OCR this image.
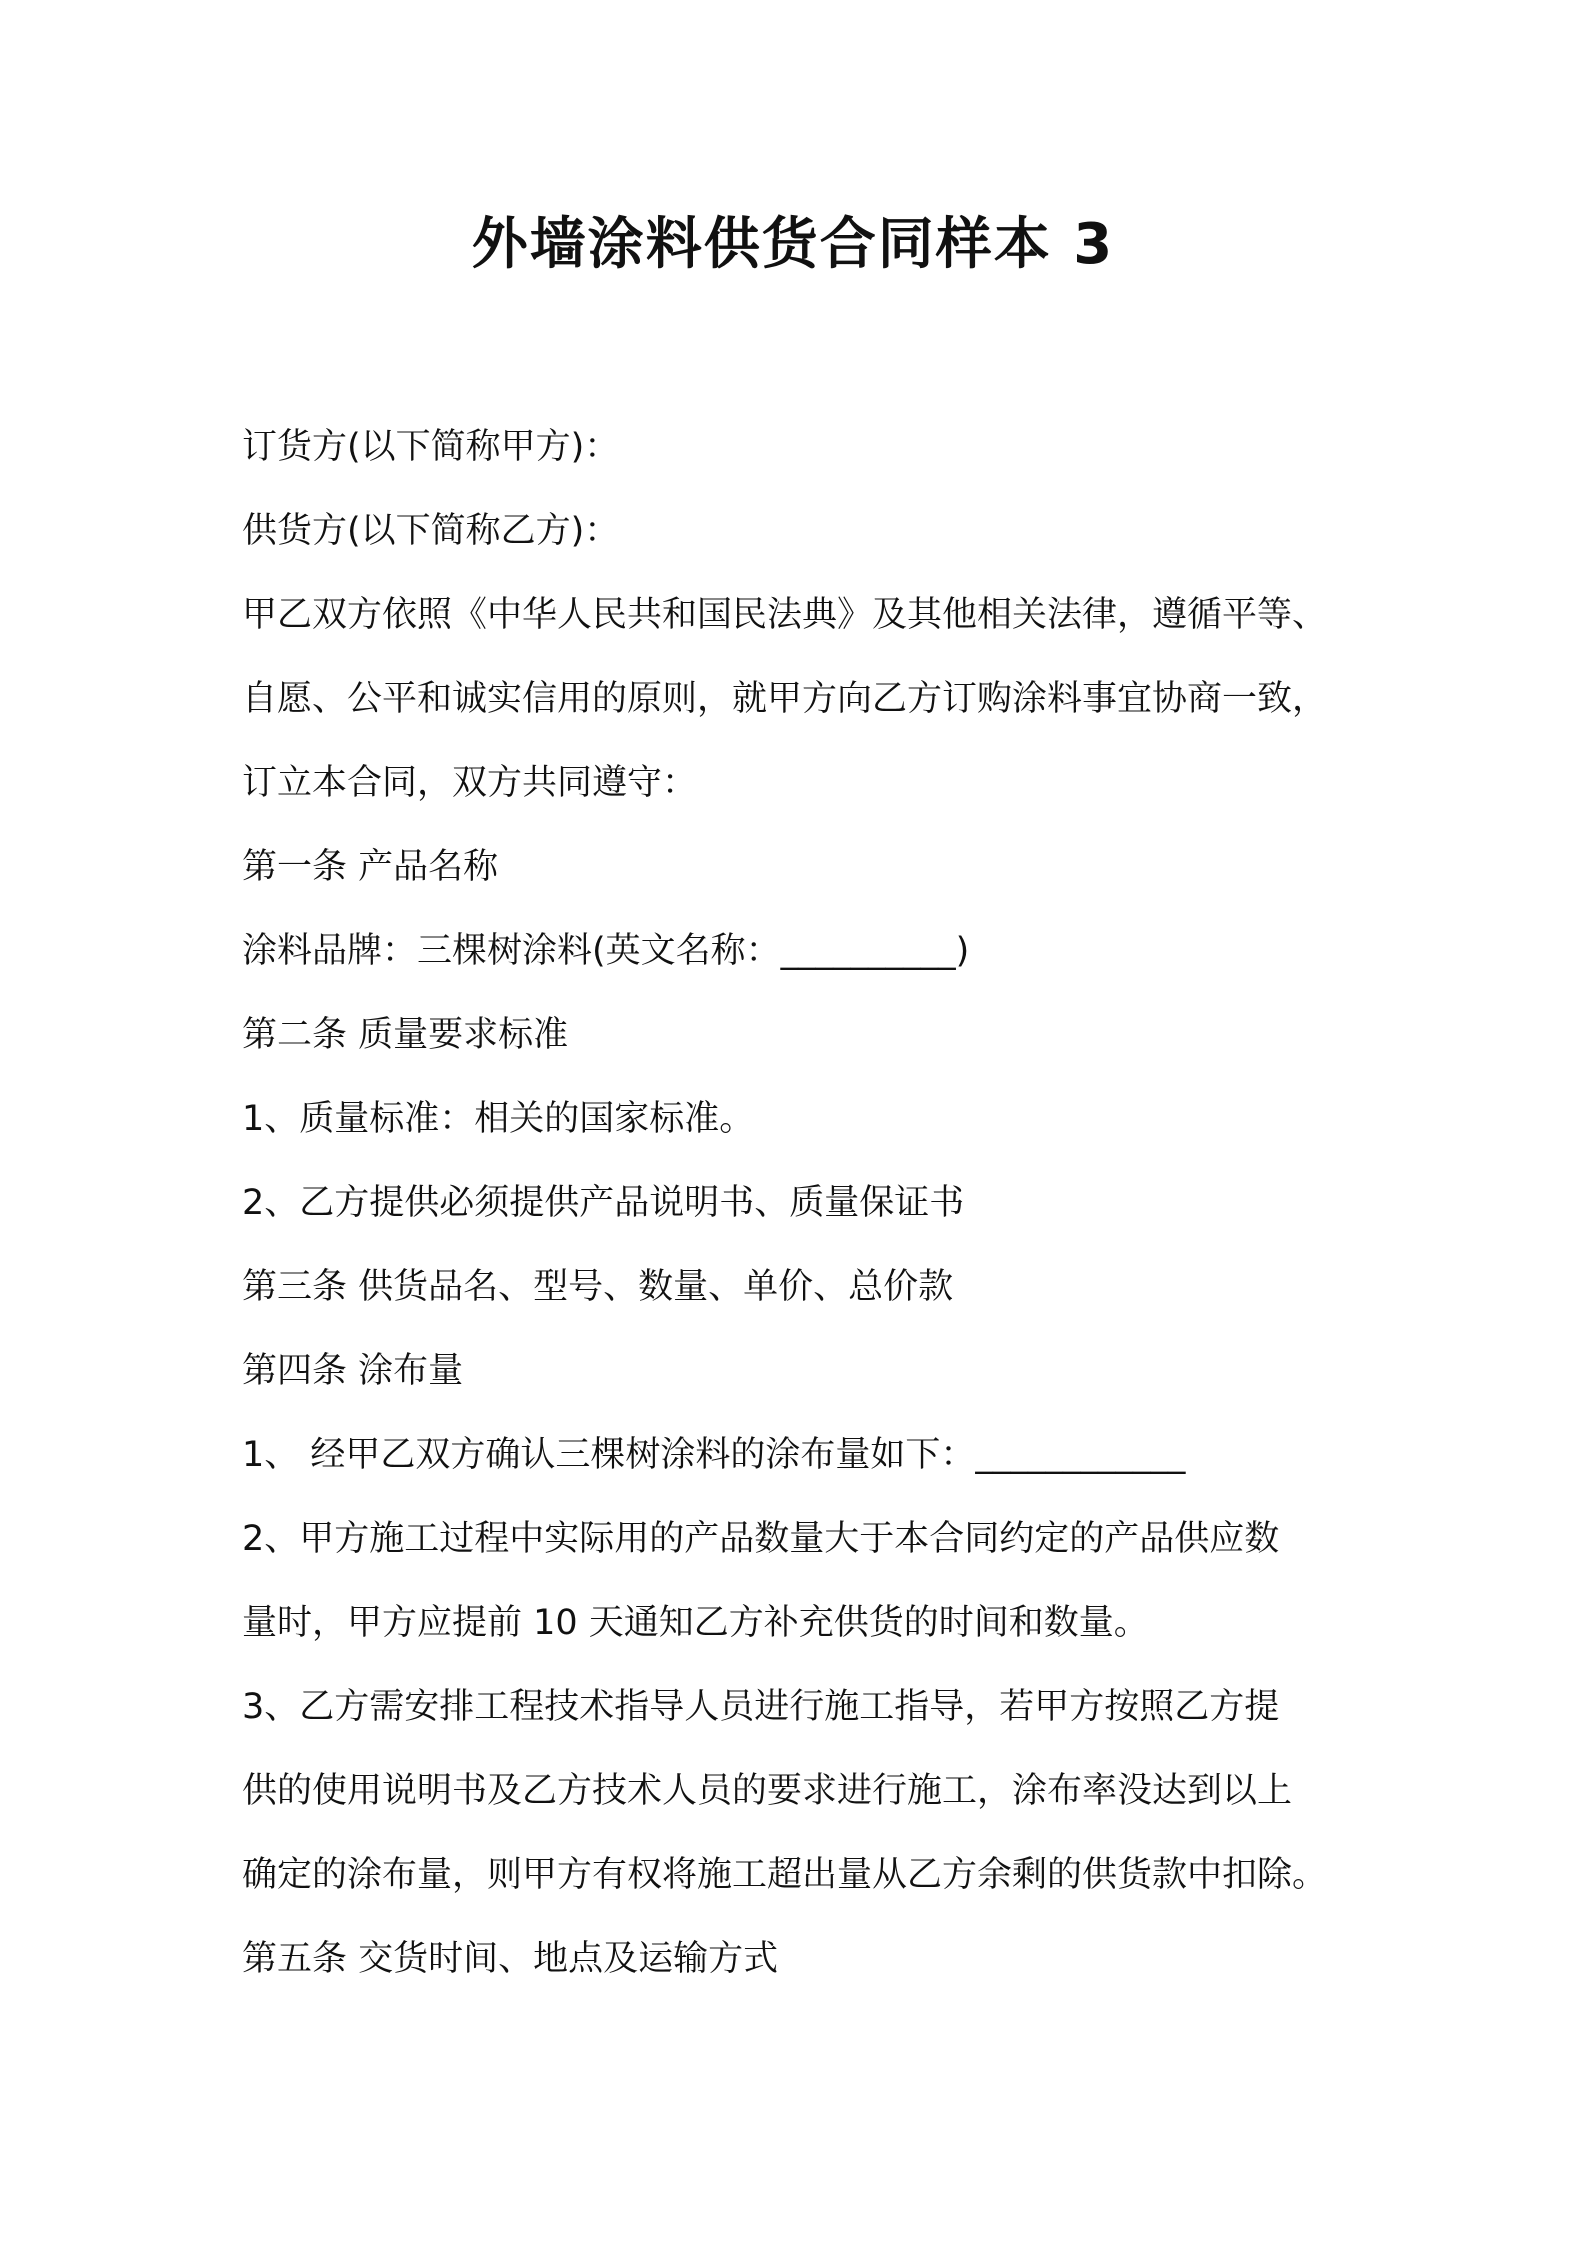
外墙涂料供货合同样本 3
订货方(以下简称甲方)：
供货方(以下简称乙方)：
甲乙双方依照《中华人民共和国民法典》及其他相关法律，遵循平等、
自愿、公平和诚实信用的原则，就甲方向乙方订购涂料事宜协商一致，
订立本合同，双方共同遵守：
第一条 产品名称
涂料品牌：三棵树涂料(英文名称：__________)
第二条 质量要求标准
1、质量标准：相关的国家标准。
2、乙方提供必须提供产品说明书、质量保证书
第三条 供货品名、型号、数量、单价、总价款
第四条 涂布量
1、 经甲乙双方确认三棵树涂料的涂布量如下：____________
2、甲方施工过程中实际用的产品数量大于本合同约定的产品供应数
量时，甲方应提前 10 天通知乙方补充供货的时间和数量。
3、乙方需安排工程技术指导人员进行施工指导，若甲方按照乙方提
供的使用说明书及乙方技术人员的要求进行施工，涂布率没达到以上
确定的涂布量，则甲方有权将施工超出量从乙方余剩的供货款中扣除。
第五条 交货时间、地点及运输方式
